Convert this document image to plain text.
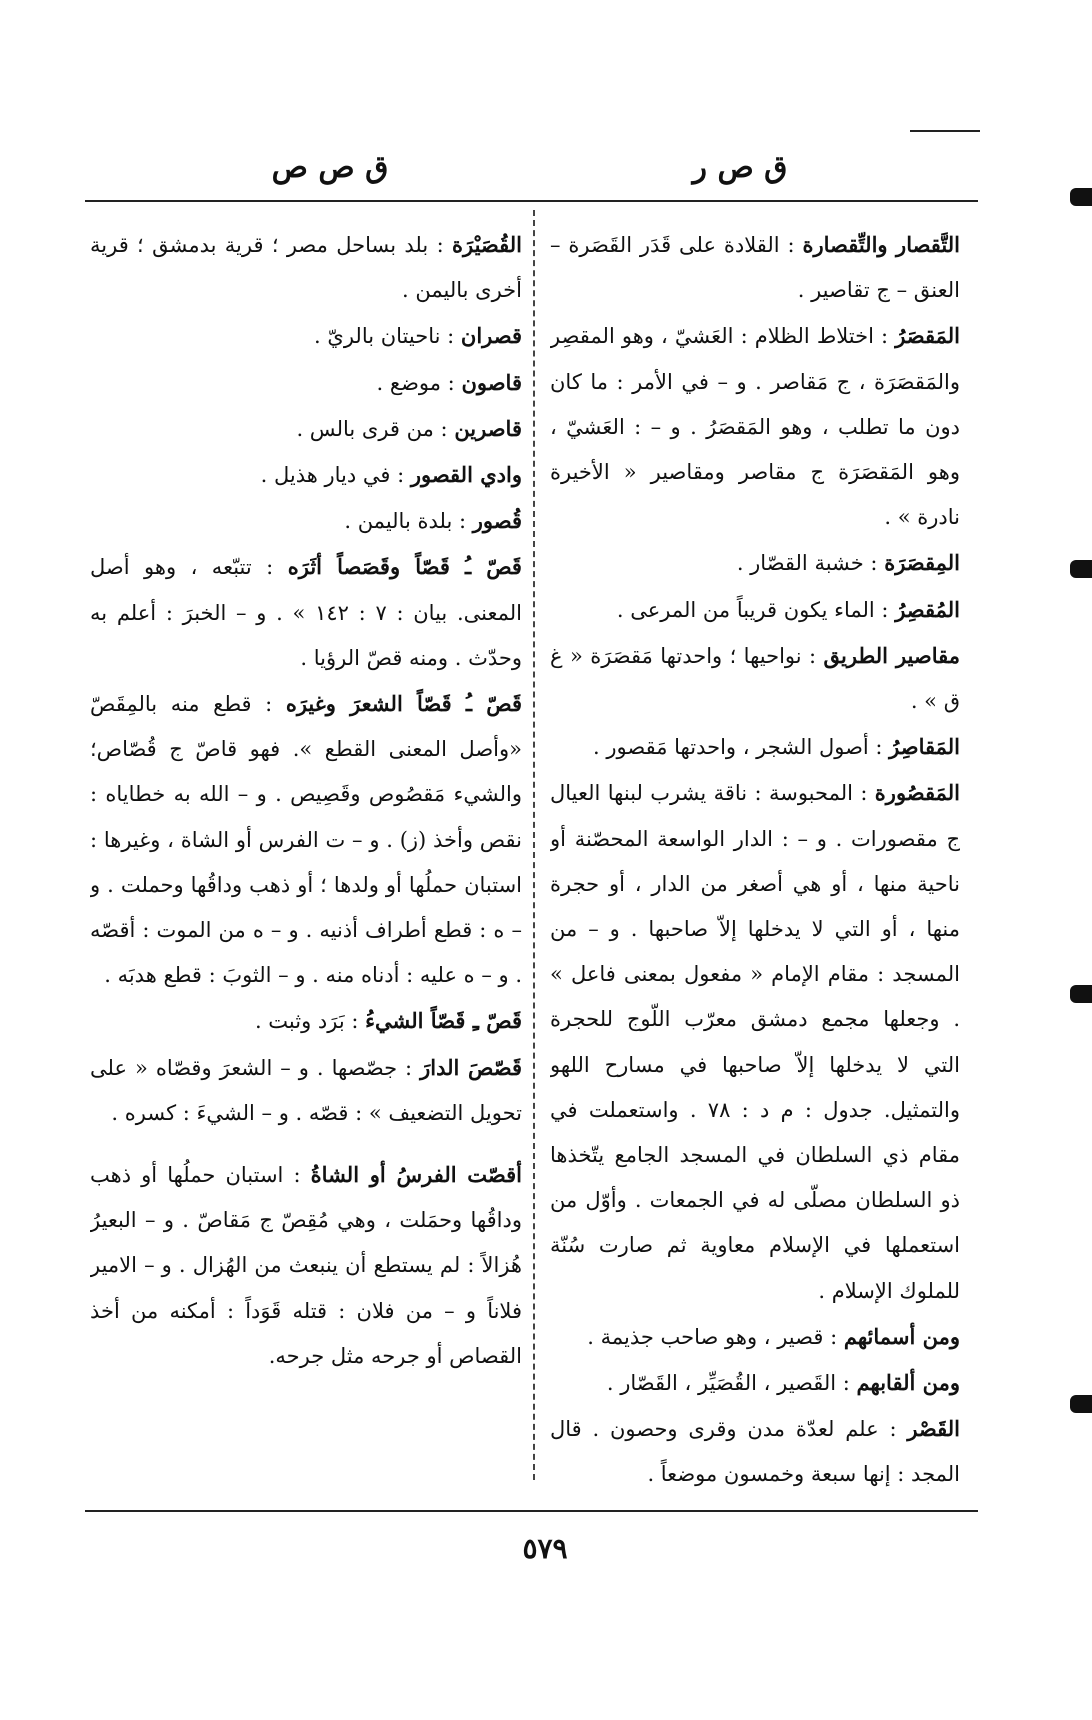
ق ص ر
ق ص ص

التَّقصار والتِّقصارة : القلادة على قَدَر القَصَرة – العنق – ج تقاصير .

المَقصَرُ : اختلاط الظلام : العَشيّ ، وهو المقصِر والمَقصَرَة ، ج مَقاصر . و – في الأمر : ما كان دون ما تطلب ، وهو المَقصَرُ . و – : العَشيّ ، وهو المَقصَرَة ج مقاصر ومقاصير « الأخيرة نادرة » .

المِقصَرَة : خشبة القصّار .

المُقصِرُ : الماء يكون قريباً من المرعى .

مقاصير الطريق : نواحيها ؛ واحدتها مَقصَرَة « غ ق » .

المَقاصِرُ : أصول الشجر ، واحدتها مَقصور .

المَقصُورة : المحبوسة : ناقة يشرب لبنها العيال ج مقصورات . و – : الدار الواسعة المحصّنة أو ناحية منها ، أو هي أصغر من الدار ، أو حجرة منها ، أو التي لا يدخلها إلاّ صاحبها . و – من المسجد : مقام الإمام « مفعول بمعنى فاعل » . وجعلها مجمع دمشق معرّب اللّوج للحجرة التي لا يدخلها إلاّ صاحبها في مسارح اللهو والتمثيل. جدول : م د : ٧٨ . واستعملت في مقام ذي السلطان في المسجد الجامع يتّخذها ذو السلطان مصلّى له في الجمعات . وأوّل من استعملها في الإسلام معاوية ثم صارت سُنّة للملوك الإسلام .

ومن أسمائهم : قصير ، وهو صاحب جذيمة .

ومن ألقابهم : القَصير ، القُصَيِّر ، القَصّار .

القَصْر : علم لعدّة مدن وقرى وحصون . قال المجد : إنها سبعة وخمسون موضعاً .

القُصَيْرَة : بلد بساحل مصر ؛ قرية بدمشق ؛ قرية أخرى باليمن .

قصران : ناحيتان بالريّ .

قاصون : موضع .

قاصرين : من قرى بالس .

وادي القصور : في ديار هذيل .

قُصور : بلدة باليمن .

قَصّ ـُ قَصّاً وقَصَصاً أثَرَه : تتبّعه ، وهو أصل المعنى. بيان : ٧ : ١٤٢ » . و – الخبرَ : أعلم به وحدّث . ومنه قصّ الرؤيا .

قَصّ ـُ قَصّاً الشعرَ وغيرَه : قطع منه بالمِقَصّ «وأصل المعنى القطع ». فهو قاصّ ج قُصّاص؛ والشيء مَقصُوص وقَصِيص . و – الله به خطاياه : نقص وأخذ (ز) . و – ت الفرس أو الشاة ، وغيرها : استبان حملُها أو ولدها ؛ أو ذهب وداقُها وحملت . و – ه : قطع أطراف أذنيه . و – ه من الموت : أقصّه . و – ه عليه : أدناه منه . و – الثوبَ : قطع هدبَه .

قَصّ ـِ قَصّاً الشيءُ : بَرَد وثبت .

قَصّصَ الدارَ : جصّصها . و – الشعرَ وقصّاه « على تحويل التضعيف » : قصّه . و – الشيءَ : كسره .

أقصّت الفرسُ أو الشاةُ : استبان حملُها أو ذهب وداقُها وحمَلت ، وهي مُقِصّ ج مَقاصّ . و – البعيرُ هُزالاً : لم يستطع أن ينبعث من الهُزال . و – الامير فلاناً و – من فلان : قتله قَوَداً : أمكنه من أخذ القصاص أو جرحه مثل جرحه.

٥٧٩
